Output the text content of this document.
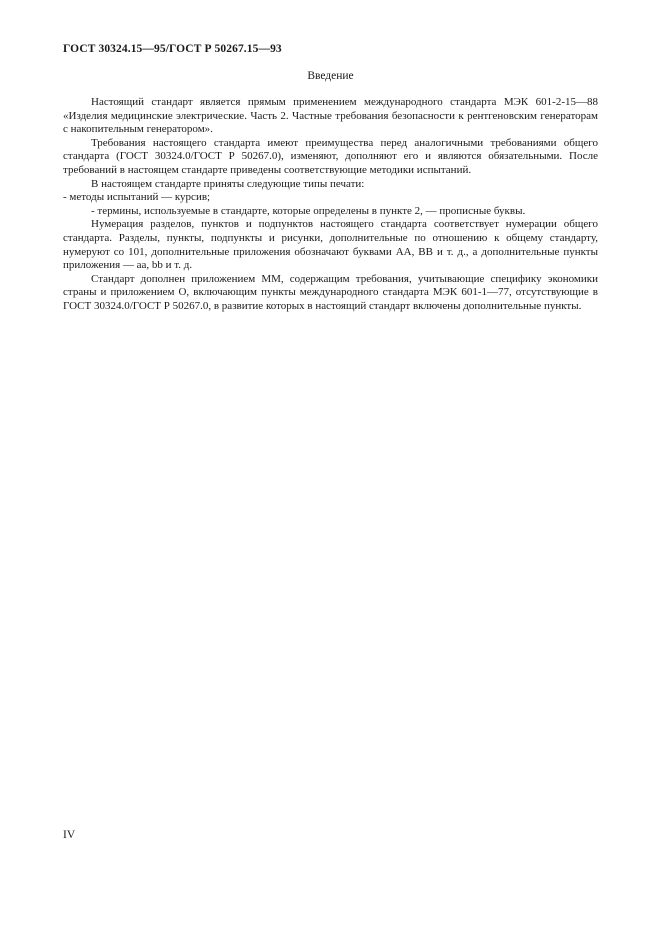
ГОСТ 30324.15—95/ГОСТ Р 50267.15—93
Введение

Настоящий стандарт является прямым применением международного стандарта МЭК 601-2-15—88 «Изделия медицинские электрические. Часть 2. Частные требования безопасности к рентгеновским генераторам с накопительным генератором».

Требования настоящего стандарта имеют преимущества перед аналогичными требованиями общего стандарта (ГОСТ 30324.0/ГОСТ Р 50267.0), изменяют, дополняют его и являются обязательными. После требований в настоящем стандарте приведены соответствующие методики испытаний.

В настоящем стандарте приняты следующие типы печати:

- методы испытаний — курсив;

- термины, используемые в стандарте, которые определены в пункте 2, — прописные буквы.

Нумерация разделов, пунктов и подпунктов настоящего стандарта соответствует нумерации общего стандарта. Разделы, пункты, подпункты и рисунки, дополнительные по отношению к общему стандарту, нумеруют со 101, дополнительные приложения обозначают буквами АА, ВВ и т. д., а дополнительные пункты приложения — аа, bb и т. д.

Стандарт дополнен приложением ММ, содержащим требования, учитывающие специфику экономики страны и приложением О, включающим пункты международного стандарта МЭК 601-1—77, отсутствующие в ГОСТ 30324.0/ГОСТ Р 50267.0, в развитие которых в настоящий стандарт включены дополнительные пункты.

IV
